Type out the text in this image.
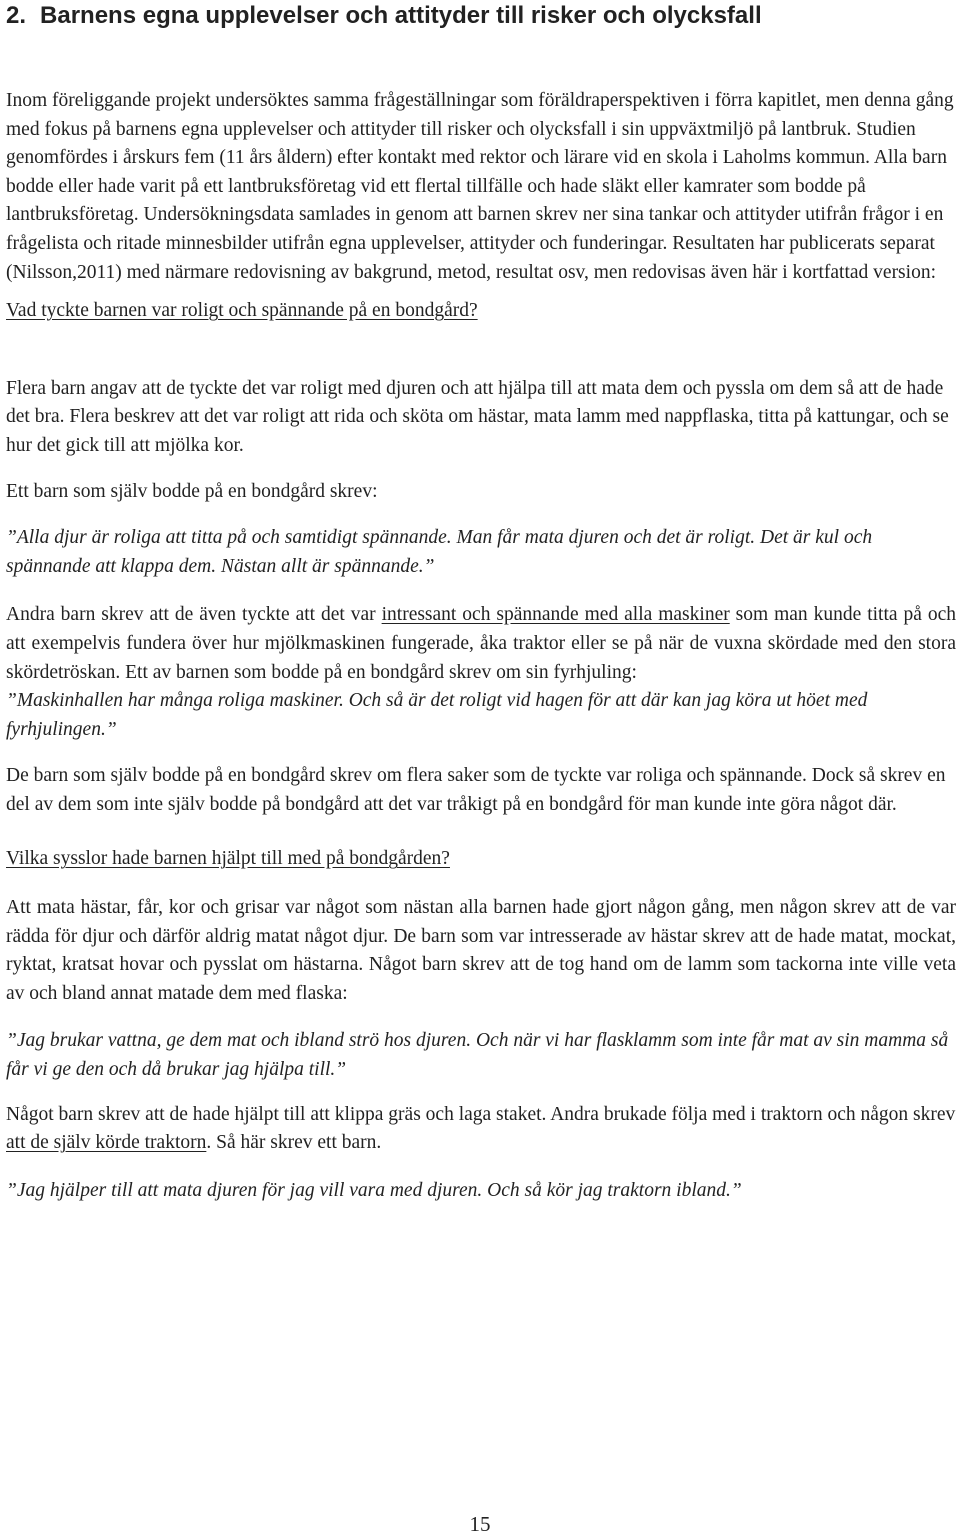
2. Barnens egna upplevelser och attityder till risker och olycksfall

Inom föreliggande projekt undersöktes samma frågeställningar som föräldraperspektiven i förra kapitlet, men denna gång med fokus på barnens egna upplevelser och attityder till risker och olycksfall i sin uppväxtmiljö på lantbruk. Studien genomfördes i årskurs fem (11 års åldern) efter kontakt med rektor och lärare vid en skola i Laholms kommun. Alla barn bodde eller hade varit på ett lantbruksföretag vid ett flertal tillfälle och hade släkt eller kamrater som bodde på lantbruksföretag. Undersökningsdata samlades in genom att barnen skrev ner sina tankar och attityder utifrån frågor i en frågelista och ritade minnesbilder utifrån egna upplevelser, attityder och funderingar. Resultaten har publicerats separat (Nilsson,2011) med närmare redovisning av bakgrund, metod, resultat osv, men redovisas även här i kortfattad version:

Vad tyckte barnen var roligt och spännande på en bondgård?

Flera barn angav att de tyckte det var roligt med djuren och att hjälpa till att mata dem och pyssla om dem så att de hade det bra. Flera beskrev att det var roligt att rida och sköta om hästar, mata lamm med nappflaska, titta på kattungar, och se hur det gick till att mjölka kor.

Ett barn som själv bodde på en bondgård skrev:

”Alla djur är roliga att titta på och samtidigt spännande. Man får mata djuren och det är roligt. Det är kul och spännande att klappa dem. Nästan allt är spännande.”

Andra barn skrev att de även tyckte att det var intressant och spännande med alla maskiner som man kunde titta på och att exempelvis fundera över hur mjölkmaskinen fungerade, åka traktor eller se på när de vuxna skördade med den stora skördetröskan. Ett av barnen som bodde på en bondgård skrev om sin fyrhjuling:

”Maskinhallen har många roliga maskiner. Och så är det roligt vid hagen för att där kan jag köra ut höet med fyrhjulingen.”

De barn som själv bodde på en bondgård skrev om flera saker som de tyckte var roliga och spännande. Dock så skrev en del av dem som inte själv bodde på bondgård att det var tråkigt på en bondgård för man kunde inte göra något där.

Vilka sysslor hade barnen hjälpt till med på bondgården?

Att mata hästar, får, kor och grisar var något som nästan alla barnen hade gjort någon gång, men någon skrev att de var rädda för djur och därför aldrig matat något djur. De barn som var intresserade av hästar skrev att de hade matat, mockat, ryktat, kratsat hovar och pysslat om hästarna. Något barn skrev att de tog hand om de lamm som tackorna inte ville veta av och bland annat matade dem med flaska:

”Jag brukar vattna, ge dem mat och ibland strö hos djuren. Och när vi har flasklamm som inte får mat av sin mamma så får vi ge den och då brukar jag hjälpa till.”

Något barn skrev att de hade hjälpt till att klippa gräs och laga staket. Andra brukade följa med i traktorn och någon skrev att de själv körde traktorn. Så här skrev ett barn.

”Jag hjälper till att mata djuren för jag vill vara med djuren. Och så kör jag traktorn ibland.”

15
